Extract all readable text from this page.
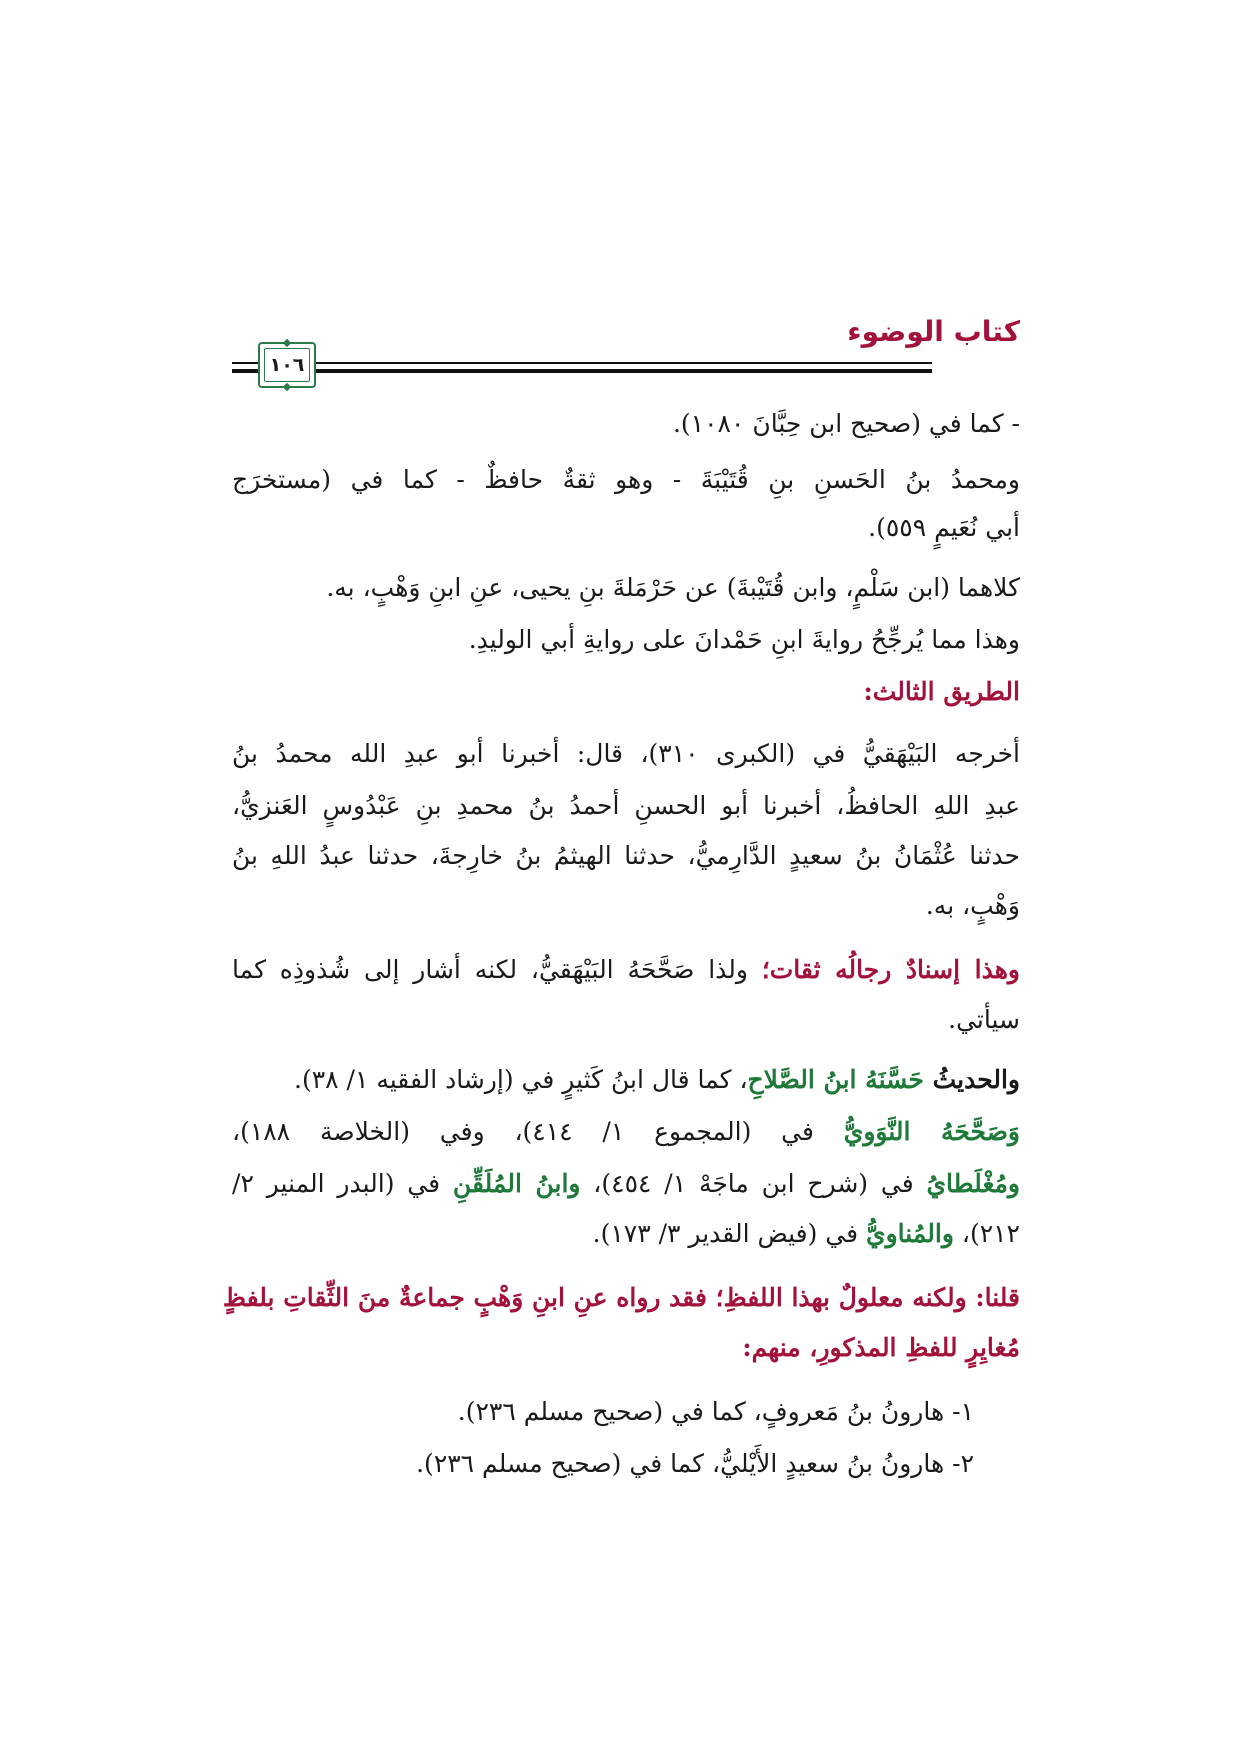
كتاب الوضوء
١٠٦
- كما في (صحيح ابن حِبَّانَ ١٠٨٠).
ومحمدُ بنُ الحَسنِ بنِ قُتَيْبَةَ - وهو ثقةٌ حافظٌ - كما في (مستخرَج
أبي نُعَيمٍ ٥٥٩).
كلاهما (ابن سَلْمٍ، وابن قُتَيْبةَ) عن حَرْمَلةَ بنِ يحيى، عنِ ابنِ وَهْبٍ، به.
وهذا مما يُرجِّحُ روايةَ ابنِ حَمْدانَ على روايةِ أبي الوليدِ.
الطريق الثالث:
أخرجه البَيْهَقيُّ في (الكبرى ٣١٠)، قال: أخبرنا أبو عبدِ الله محمدُ بنُ
عبدِ اللهِ الحافظُ، أخبرنا أبو الحسنِ أحمدُ بنُ محمدِ بنِ عَبْدُوسٍ العَنزيُّ،
حدثنا عُثْمَانُ بنُ سعيدٍ الدَّارِميُّ، حدثنا الهيثمُ بنُ خارِجةَ، حدثنا عبدُ اللهِ بنُ
وَهْبٍ، به.
وهذا إسنادٌ رجالُه ثقات؛ ولذا صَحَّحَهُ البَيْهَقيُّ، لكنه أشار إلى شُذوذِه كما
سيأتي.
والحديثُ حَسَّنَهُ ابنُ الصَّلاحِ، كما قال ابنُ كَثيرٍ في (إرشاد الفقيه ١/ ٣٨).
وَصَحَّحَهُ النَّوَويُّ في (المجموع ١/ ٤١٤)، وفي (الخلاصة ١٨٨)،
ومُغْلَطايُ في (شرح ابن ماجَهْ ١/ ٤٥٤)، وابنُ المُلَقِّنِ في (البدر المنير ٢/
٢١٢)، والمُناويُّ في (فيض القدير ٣/ ١٧٣).
قلنا: ولكنه معلولٌ بهذا اللفظِ؛ فقد رواه عنِ ابنِ وَهْبٍ جماعةٌ منَ الثِّقاتِ بلفظٍ
مُغايِرٍ للفظِ المذكورِ، منهم:
١- هارونُ بنُ مَعروفٍ، كما في (صحيح مسلم ٢٣٦).
٢- هارونُ بنُ سعيدٍ الأَيْليُّ، كما في (صحيح مسلم ٢٣٦).
